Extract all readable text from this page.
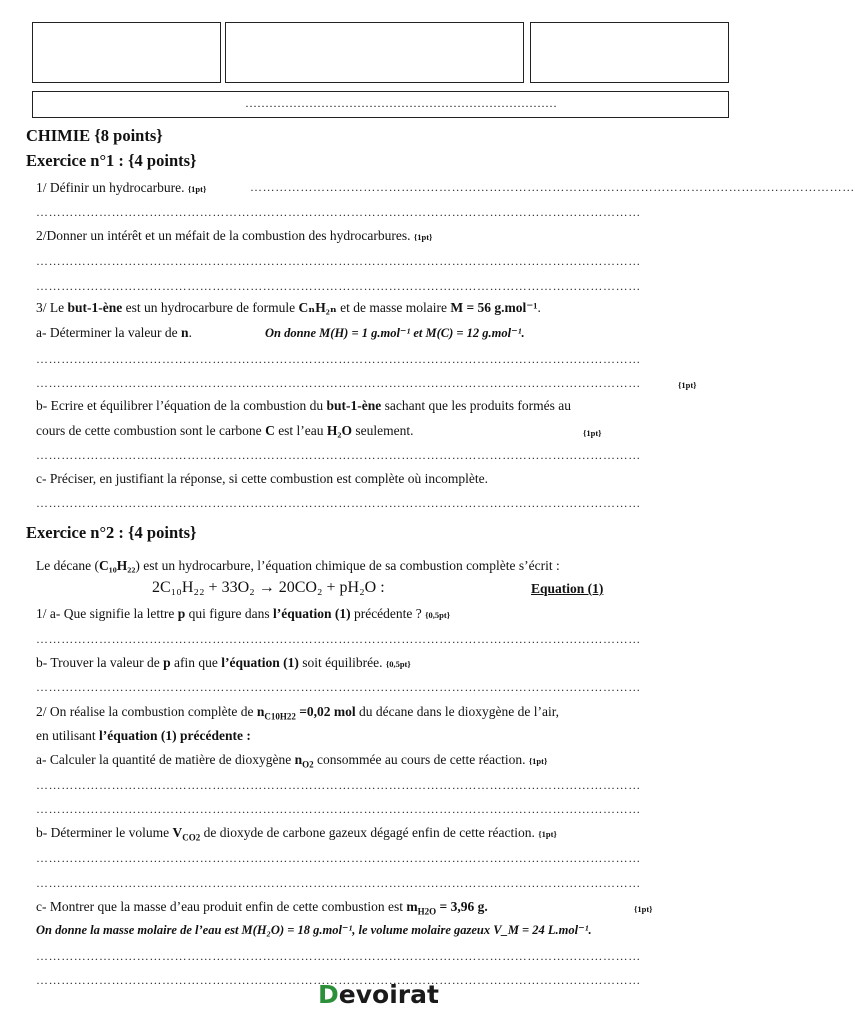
……………………………………………………………………
CHIMIE {8 points}
Exercice n°1 : {4 points}
1/ Définir un hydrocarbure. {1pt}	………………………………………………………………………………………………………………………………
………………………………………………………………………………………………………………………………
2/Donner un intérêt et un méfait de la combustion des hydrocarbures. {1pt}
………………………………………………………………………………………………………………………………
………………………………………………………………………………………………………………………………
3/ Le but-1-ène est un hydrocarbure de formule CₙH₂ₙ et de masse molaire M = 56 g.mol⁻¹.
a- Déterminer la valeur de n.	On donne M(H) = 1 g.mol⁻¹ et M(C) = 12 g.mol⁻¹.
………………………………………………………………………………………………………………………………
………………………………………………………………………………………………………………………………	{1pt}
b- Ecrire et équilibrer l’équation de la combustion du but-1-ène sachant que les produits formés au
cours de cette combustion sont le carbone C est l’eau H₂O seulement.	{1pt}
………………………………………………………………………………………………………………………………
c- Préciser, en justifiant la réponse, si cette combustion est complète où incomplète.
………………………………………………………………………………………………………………………………
Exercice n°2 : {4 points}
Le décane (C₁₀H₂₂) est un hydrocarbure, l’équation chimique de sa combustion complète s’écrit :
2C₁₀H₂₂ + 33O₂ → 20CO₂ + pH₂O :	Equation (1)
1/ a- Que signifie la lettre p qui figure dans l’équation (1) précédente ? {0,5pt}
………………………………………………………………………………………………………………………………
b- Trouver la valeur de p afin que l’équation (1) soit équilibrée. {0,5pt}
………………………………………………………………………………………………………………………………
2/ On réalise la combustion complète de $n_{C10H22} =0,02$ mol du décane dans le dioxygène de l’air,
en utilisant l’équation (1) précédente :
a- Calculer la quantité de matière de dioxygène $n_{O2}$ consommée au cours de cette réaction. {1pt}
………………………………………………………………………………………………………………………………
………………………………………………………………………………………………………………………………
b- Déterminer le volume $V_{CO2}$ de dioxyde de carbone gazeux dégagé enfin de cette réaction. {1pt}
………………………………………………………………………………………………………………………………
………………………………………………………………………………………………………………………………
c- Montrer que la masse d’eau produit enfin de cette combustion est $m_{H2O} = 3,96$ g.	{1pt}
On donne la masse molaire de l’eau est M(H₂O) = 18 g.mol⁻¹, le volume molaire gazeux V_M = 24 L.mol⁻¹.
………………………………………………………………………………………………………………………………
………………………………………………………………………………………………………………………………
Devoirat
